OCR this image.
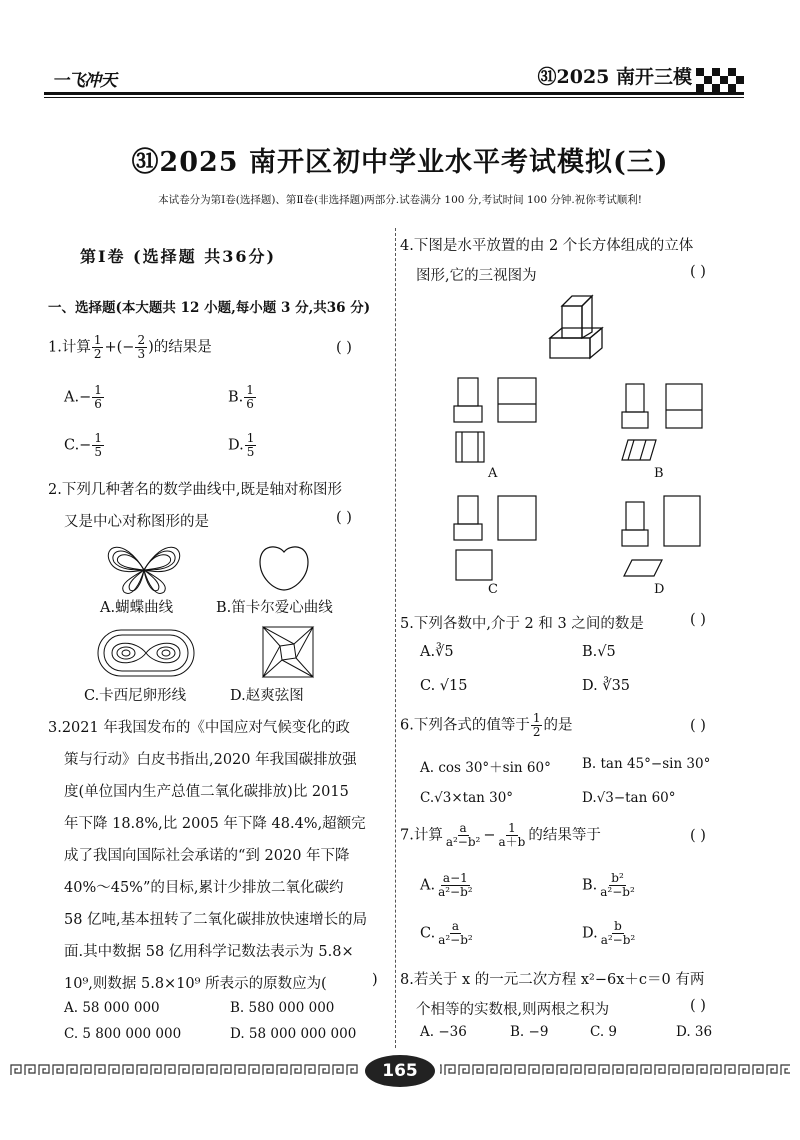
一飞冲天	㉛2025 南开三模
㉛2025 南开区初中学业水平考试模拟(三)
本试卷分为第Ⅰ卷(选择题)、第Ⅱ卷(非选择题)两部分.试卷满分 100 分,考试时间 100 分钟.祝你考试顺利!
第Ⅰ卷 (选择题 共36分)
一、选择题(本大题共 12 小题,每小题 3 分,共36 分)
1.计算 $\frac{1}{2}$ +(− $\frac{2}{3}$ )的结果是	( )
$A.- \frac{1}{6}$	B. $\frac{1}{6}$
$C.- \frac{1}{5}$	D. $\frac{1}{5}$
2.下列几种著名的数学曲线中,既是轴对称图形
又是中心对称图形的是	( )
A.蝴蝶曲线	B.笛卡尔爱心曲线
C.卡西尼卵形线	D.赵爽弦图
3.2021 年我国发布的《中国应对气候变化的政
策与行动》白皮书指出,2020 年我国碳排放强
度(单位国内生产总值二氧化碳排放)比 2015
年下降 18.8%,比 2005 年下降 48.4%,超额完
成了我国向国际社会承诺的“到 2020 年下降
40%～45%”的目标,累计少排放二氧化碳约
58 亿吨,基本扭转了二氧化碳排放快速增长的局
面.其中数据 58 亿用科学记数法表示为 5.8×
10⁹,则数据 5.8×10⁹ 所表示的原数应为(	)
A. 58 000 000	B. 580 000 000
C. 5 800 000 000	D. 58 000 000 000
4.下图是水平放置的由 2 个长方体组成的立体
图形,它的三视图为	( )
A	B
C	D
5.下列各数中,介于 2 和 3 之间的数是	( )
A.∛5	B.√5
C. √15	D. ∛35
6.下列各式的值等于 $\frac{1}{2}$ 的是	( )
A. cos 30°＋sin 60° B. tan 45°−sin 30°
C.√3×tan 30°	D.√3−tan 60°
7.计算 $\frac{a}{\text{a²−b²}} - \frac{1}{a+b}$ 的结果等于	( )
A. $\frac{a-1}{\text{a²−b²}}$	B. $\frac{\text{b²}}{\text{a²−b²}}$
C. $\frac{a}{\text{a²−b²}}$	D. $\frac{b}{\text{a²−b²}}$
8.若关于 x 的一元二次方程 x²−6x＋c＝0 有两
个相等的实数根,则两根之积为	( )
A. −36	B. −9	C. 9	D. 36
165
